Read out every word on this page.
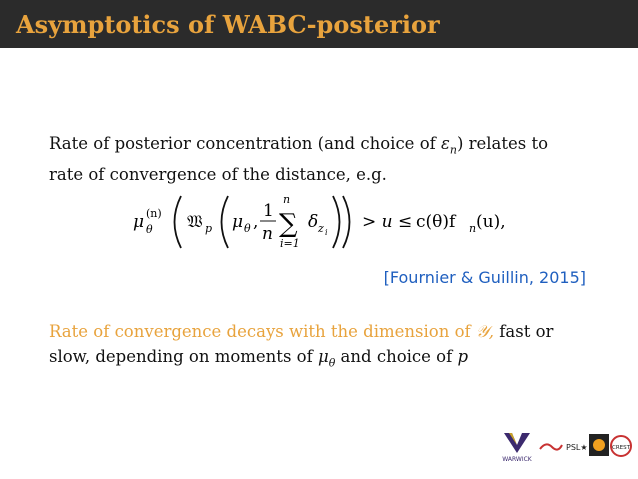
Asymptotics of WABC-posterior
Rate of posterior concentration (and choice of $\varepsilon_n$) relates to
rate of convergence of the distance, e.g.
μ θ
(n) 𝔚 p μ θ ,
1
n
n
∑
i=1
δ z i
> u ≤ c(θ)f n (u),
[Fournier & Guillin, 2015]
Rate of convergence decays with the dimension of 𝒴, fast or
slow, depending on moments of $\mu_\theta$ and choice of p
WARWICK
PSL★	CREST
